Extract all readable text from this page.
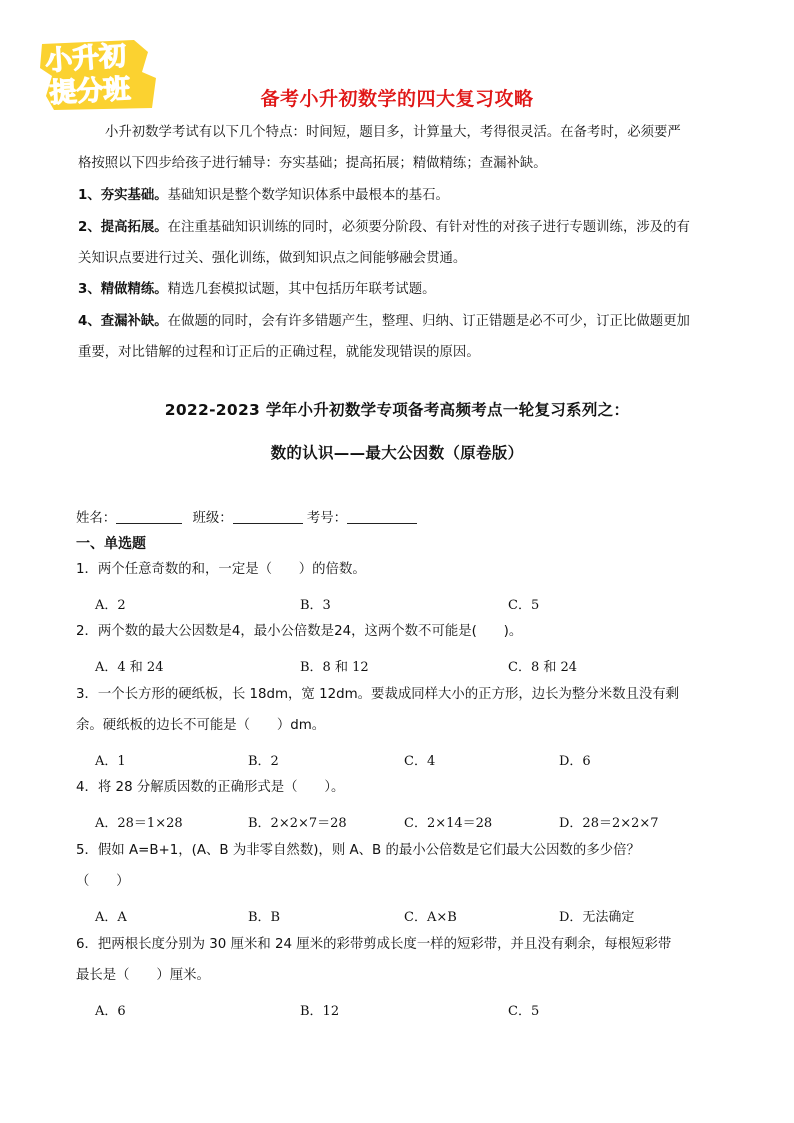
小升初
提分班	备考小升初数学的四大复习攻略
小升初数学考试有以下几个特点：时间短，题目多，计算量大，考得很灵活。在备考时，必须要严
格按照以下四步给孩子进行辅导：夯实基础；提高拓展；精做精练；查漏补缺。
1、夯实基础。基础知识是整个数学知识体系中最根本的基石。
2、提高拓展。在注重基础知识训练的同时，必须要分阶段、有针对性的对孩子进行专题训练，涉及的有
关知识点要进行过关、强化训练，做到知识点之间能够融会贯通。
3、精做精练。精选几套模拟试题，其中包括历年联考试题。
4、查漏补缺。在做题的同时，会有许多错题产生，整理、归纳、订正错题是必不可少，订正比做题更加
重要，对比错解的过程和订正后的正确过程，就能发现错误的原因。
2022-2023 学年小升初数学专项备考高频考点一轮复习系列之：
数的认识——最大公因数（原卷版）
姓名：	班级：	考号：
一、单选题
1．两个任意奇数的和，一定是（　　）的倍数。
A．2	B．3	C．5
2．两个数的最大公因数是4，最小公倍数是24，这两个数不可能是(　　)。
A．4 和 24	B．8 和 12	C．8 和 24
3．一个长方形的硬纸板，长 18dm，宽 12dm。要裁成同样大小的正方形，边长为整分米数且没有剩
余。硬纸板的边长不可能是（　　）dm。
A．1	B．2	C．4	D．6
4．将 28 分解质因数的正确形式是（　　）。
A．28＝1×28	B．2×2×7＝28	C．2×14＝28	D．28＝2×2×7
5．假如 A=B+1，(A、B 为非零自然数)，则 A、B 的最小公倍数是它们最大公因数的多少倍？
（　　）
A．A	B．B	C．A×B	D．无法确定
6．把两根长度分别为 30 厘米和 24 厘米的彩带剪成长度一样的短彩带，并且没有剩余，每根短彩带
最长是（　　）厘米。
A．6	B．12	C．5
